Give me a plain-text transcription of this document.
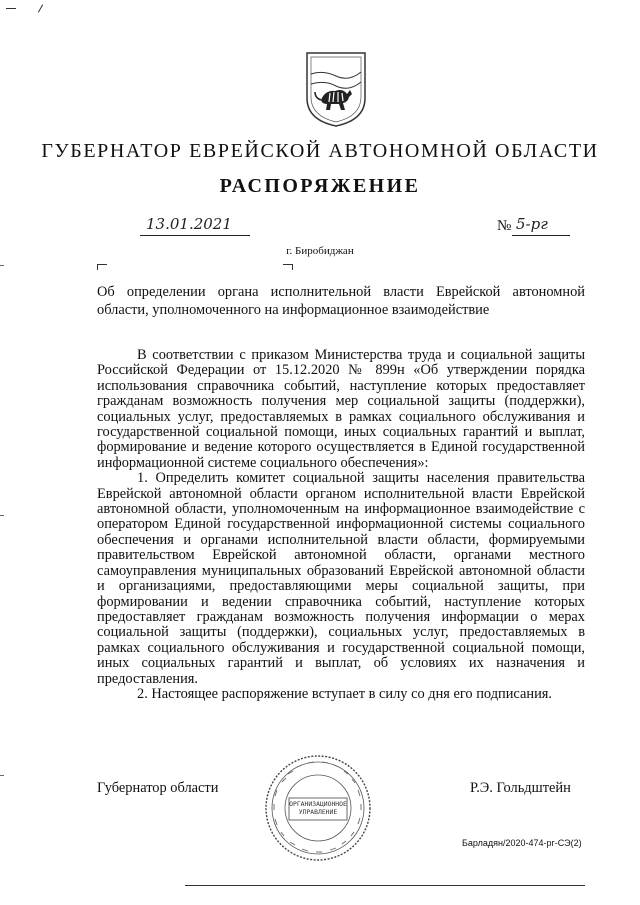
ГУБЕРНАТОР ЕВРЕЙСКОЙ АВТОНОМНОЙ ОБЛАСТИ
РАСПОРЯЖЕНИЕ
13.01.2021	№ 5-рг
г. Биробиджан
Об определении органа исполнительной власти Еврейской автономной области, уполномоченного на информационное взаимодействие

В соответствии с приказом Министерства труда и социальной защиты Российской Федерации от 15.12.2020 № 899н «Об утверждении порядка использования справочника событий, наступление которых предоставляет гражданам возможность получения мер социальной защиты (поддержки), социальных услуг, предоставляемых в рамках социального обслуживания и государственной социальной помощи, иных социальных гарантий и выплат, формирование и ведение которого осуществляется в Единой государственной информационной системе социального обеспечения»:

1. Определить комитет социальной защиты населения правительства Еврейской автономной области органом исполнительной власти Еврейской автономной области, уполномоченным на информационное взаимодействие с оператором Единой государственной информационной системы социального обеспечения и органами исполнительной власти области, формируемыми правительством Еврейской автономной области, органами местного самоуправления муниципальных образований Еврейской автономной области и организациями, предоставляющими меры социальной защиты, при формировании и ведении справочника событий, наступление которых предоставляет гражданам возможность получения информации о мерах социальной защиты (поддержки), социальных услуг, предоставляемых в рамках социального обслуживания и государственной социальной помощи, иных социальных гарантий и выплат, об условиях их назначения и предоставления.

2. Настоящее распоряжение вступает в силу со дня его подписания.

Губернатор области	Р.Э. Гольдштейн
ОРГАНИЗАЦИОННОЕ
УПРАВЛЕНИЕ
Барладян/2020-474-рг-СЭ(2)
